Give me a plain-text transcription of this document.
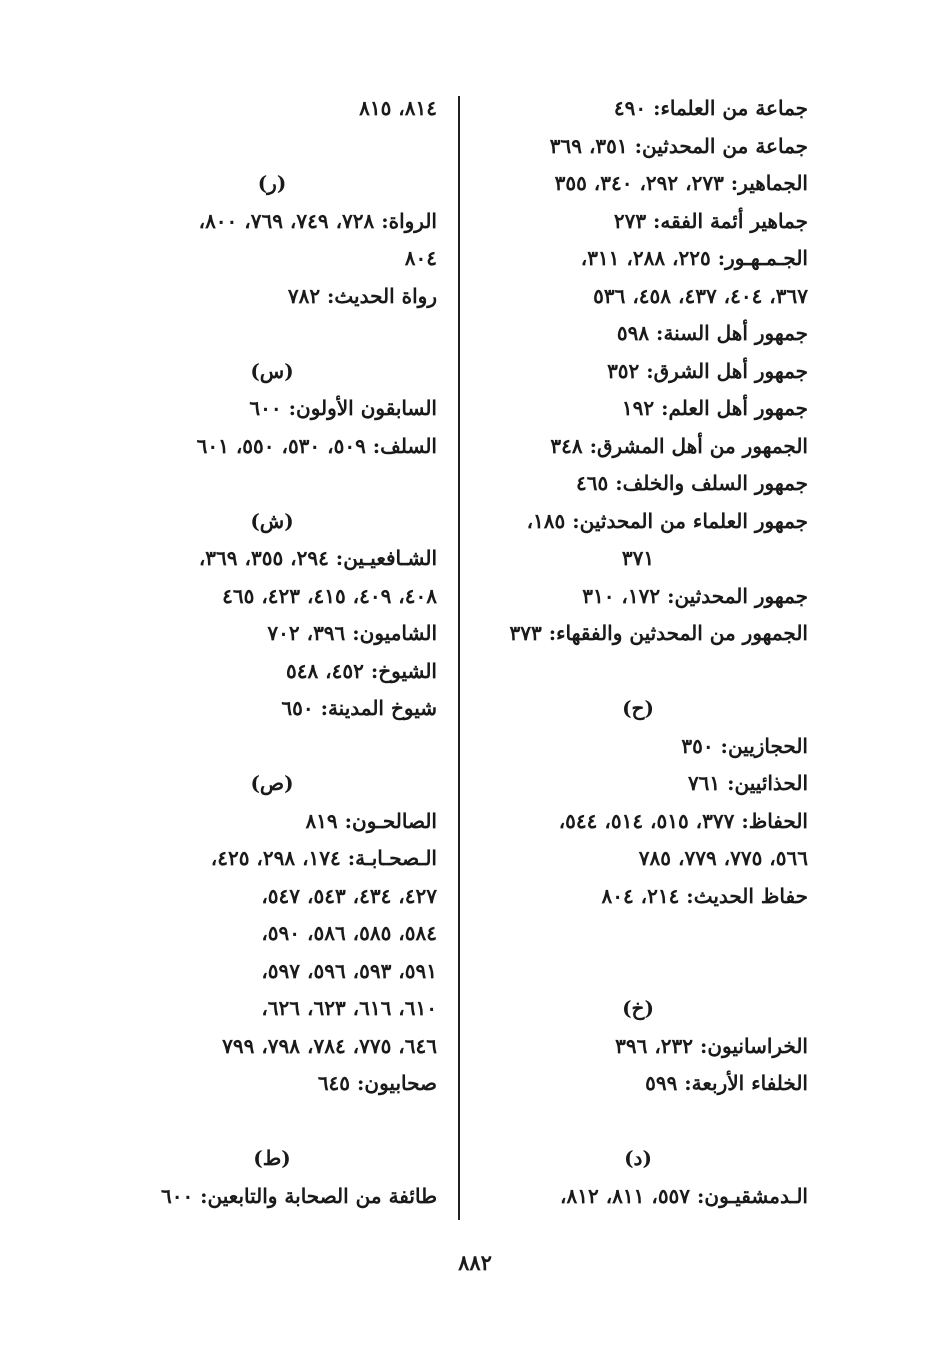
جماعة من العلماء: ٤٩٠
جماعة من المحدثين: ٣٥١، ٣٦٩
الجماهير: ٢٧٣، ٢٩٢، ٣٤٠، ٣٥٥
جماهير أئمة الفقه: ٢٧٣
الجـمـهـور: ٢٢٥، ٢٨٨، ٣١١،
٣٦٧، ٤٠٤، ٤٣٧، ٤٥٨، ٥٣٦
جمهور أهل السنة: ٥٩٨
جمهور أهل الشرق: ٣٥٢
جمهور أهل العلم: ١٩٢
الجمهور من أهل المشرق: ٣٤٨
جمهور السلف والخلف: ٤٦٥
جمهور العلماء من المحدثين: ١٨٥،
٣٧١
جمهور المحدثين: ١٧٢، ٣١٠
الجمهور من المحدثين والفقهاء: ٣٧٣
(ح)
الحجازيين: ٣٥٠
الحذائيين: ٧٦١
الحفاظ: ٣٧٧، ٥١٥، ٥١٤، ٥٤٤،
٥٦٦، ٧٧٥، ٧٧٩، ٧٨٥
حفاظ الحديث: ٢١٤، ٨٠٤
(خ)
الخراسانيون: ٢٣٢، ٣٩٦
الخلفاء الأربعة: ٥٩٩
(د)
الـدمشقيـون: ٥٥٧، ٨١١، ٨١٢،
٨١٤، ٨١٥
(ر)
الرواة: ٧٢٨، ٧٤٩، ٧٦٩، ٨٠٠،
٨٠٤
رواة الحديث: ٧٨٢
(س)
السابقون الأولون: ٦٠٠
السلف: ٥٠٩، ٥٣٠، ٥٥٠، ٦٠١
(ش)
الشـافعيـين: ٢٩٤، ٣٥٥، ٣٦٩،
٤٠٨، ٤٠٩، ٤١٥، ٤٢٣، ٤٦٥
الشاميون: ٣٩٦، ٧٠٢
الشيوخ: ٤٥٢، ٥٤٨
شيوخ المدينة: ٦٥٠
(ص)
الصالحـون: ٨١٩
الـصحـابـة: ١٧٤، ٢٩٨، ٤٢٥،
٤٢٧، ٤٣٤، ٥٤٣، ٥٤٧،
٥٨٤، ٥٨٥، ٥٨٦، ٥٩٠،
٥٩١، ٥٩٣، ٥٩٦، ٥٩٧،
٦١٠، ٦١٦، ٦٢٣، ٦٢٦،
٦٤٦، ٧٧٥، ٧٨٤، ٧٩٨، ٧٩٩
صحابيون: ٦٤٥
(ط)
طائفة من الصحابة والتابعين: ٦٠٠
٨٨٢
